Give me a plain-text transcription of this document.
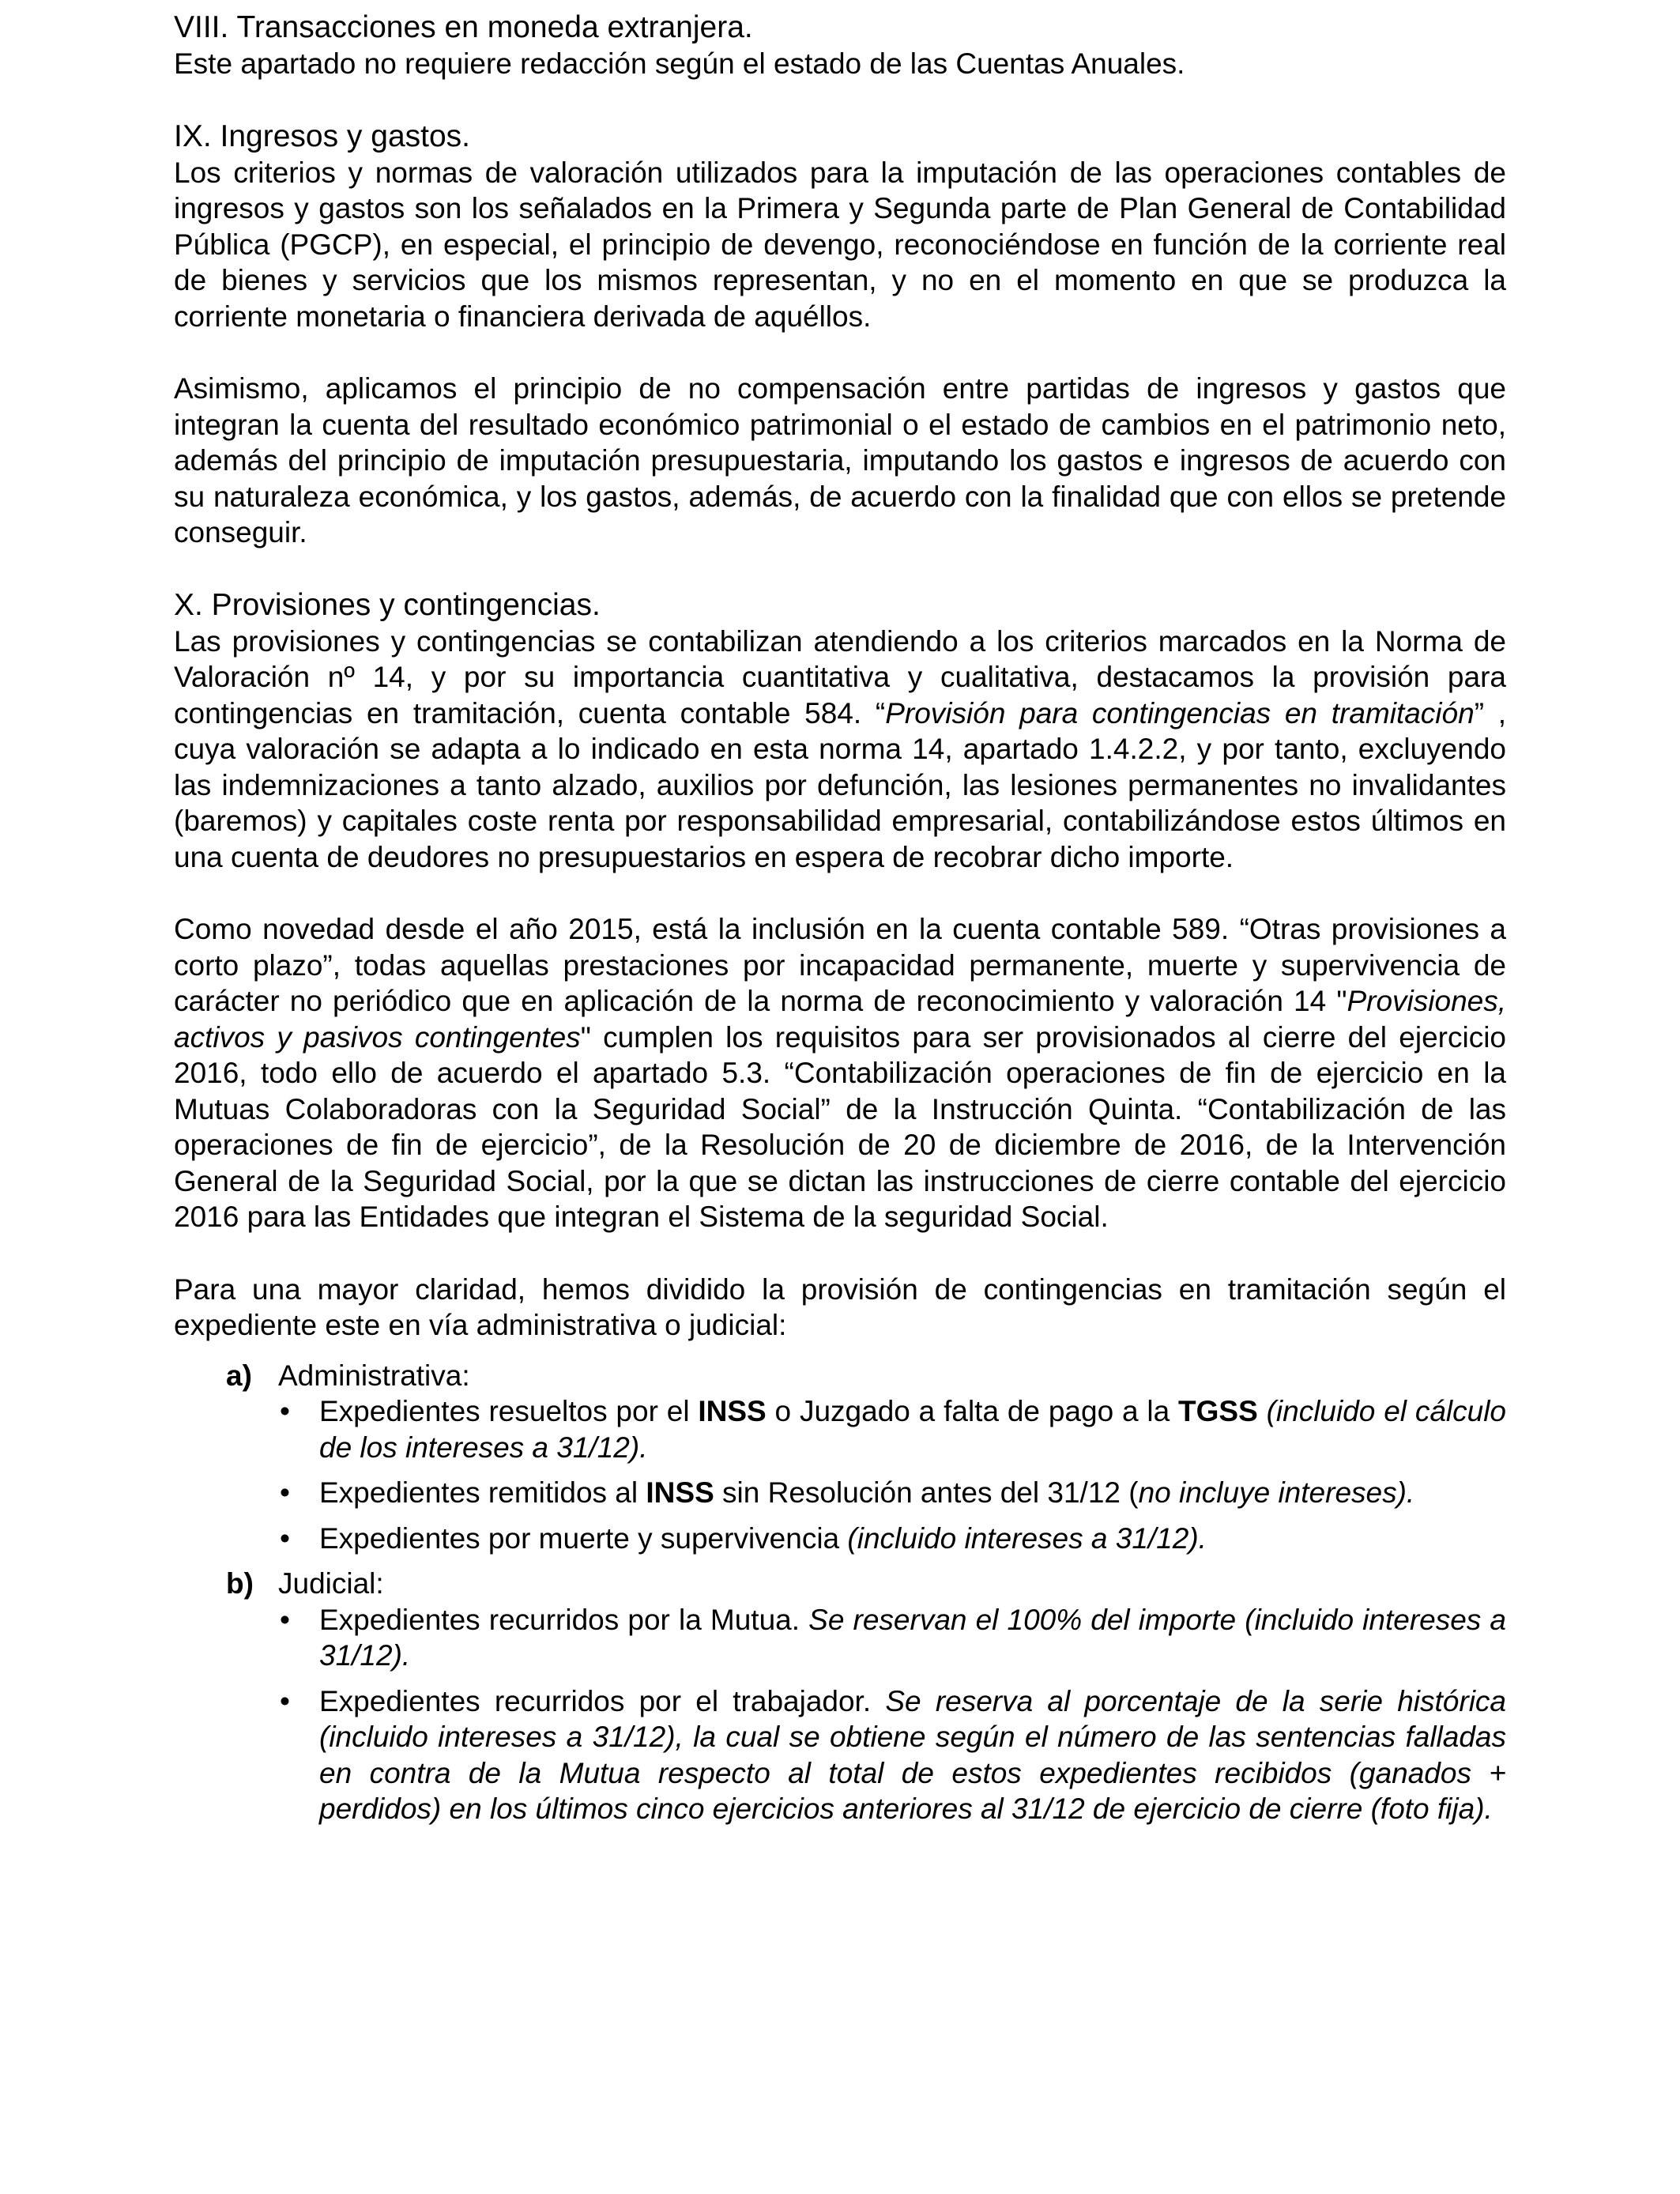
VIII. Transacciones en moneda extranjera.

Este apartado no requiere redacción según el estado de las Cuentas Anuales.

IX. Ingresos y gastos.

Los criterios y normas de valoración utilizados para la imputación de las operaciones contables de ingresos y gastos son los señalados en la Primera y Segunda parte de Plan General de Contabilidad Pública (PGCP), en especial, el principio de devengo, reconociéndose en función de la corriente real de bienes y servicios que los mismos representan, y no en el momento en que se produzca la corriente monetaria o financiera derivada de aquéllos.

Asimismo, aplicamos el principio de no compensación entre partidas de ingresos y gastos que integran la cuenta del resultado económico patrimonial o el estado de cambios en el patrimonio neto, además del principio de imputación presupuestaria, imputando los gastos e ingresos de acuerdo con su naturaleza económica, y los gastos, además, de acuerdo con la finalidad que con ellos se pretende conseguir.

X. Provisiones y contingencias.

Las provisiones y contingencias se contabilizan atendiendo a los criterios marcados en la Norma de Valoración nº 14, y por su importancia cuantitativa y cualitativa, destacamos la provisión para contingencias en tramitación, cuenta contable 584. “Provisión para contingencias en tramitación” , cuya valoración se adapta a lo indicado en esta norma 14, apartado 1.4.2.2, y por tanto, excluyendo las indemnizaciones a tanto alzado, auxilios por defunción, las lesiones permanentes no invalidantes (baremos) y capitales coste renta por responsabilidad empresarial, contabilizándose estos últimos en una cuenta de deudores no presupuestarios en espera de recobrar dicho importe.

Como novedad desde el año 2015, está la inclusión en la cuenta contable 589. “Otras provisiones a corto plazo”, todas aquellas prestaciones por incapacidad permanente, muerte y supervivencia de carácter no periódico que en aplicación de la norma de reconocimiento y valoración 14 "Provisiones, activos y pasivos contingentes" cumplen los requisitos para ser provisionados al cierre del ejercicio 2016, todo ello de acuerdo el apartado 5.3. “Contabilización operaciones de fin de ejercicio en la Mutuas Colaboradoras con la Seguridad Social” de la Instrucción Quinta. “Contabilización de las operaciones de fin de ejercicio”, de la Resolución de 20 de diciembre de 2016, de la Intervención General de la Seguridad Social, por la que se dictan las instrucciones de cierre contable del ejercicio 2016 para las Entidades que integran el Sistema de la seguridad Social.

Para una mayor claridad, hemos dividido la provisión de contingencias en tramitación según el expediente este en vía administrativa o judicial:

a) Administrativa:
• Expedientes resueltos por el INSS o Juzgado a falta de pago a la TGSS (incluido el cálculo de los intereses a 31/12).
• Expedientes remitidos al INSS sin Resolución antes del 31/12 (no incluye intereses).
• Expedientes por muerte y supervivencia (incluido intereses a 31/12).
b) Judicial:
• Expedientes recurridos por la Mutua. Se reservan el 100% del importe (incluido intereses a 31/12).
• Expedientes recurridos por el trabajador. Se reserva al porcentaje de la serie histórica (incluido intereses a 31/12), la cual se obtiene según el número de las sentencias falladas en contra de la Mutua respecto al total de estos expedientes recibidos (ganados + perdidos) en los últimos cinco ejercicios anteriores al 31/12 de ejercicio de cierre (foto fija).
